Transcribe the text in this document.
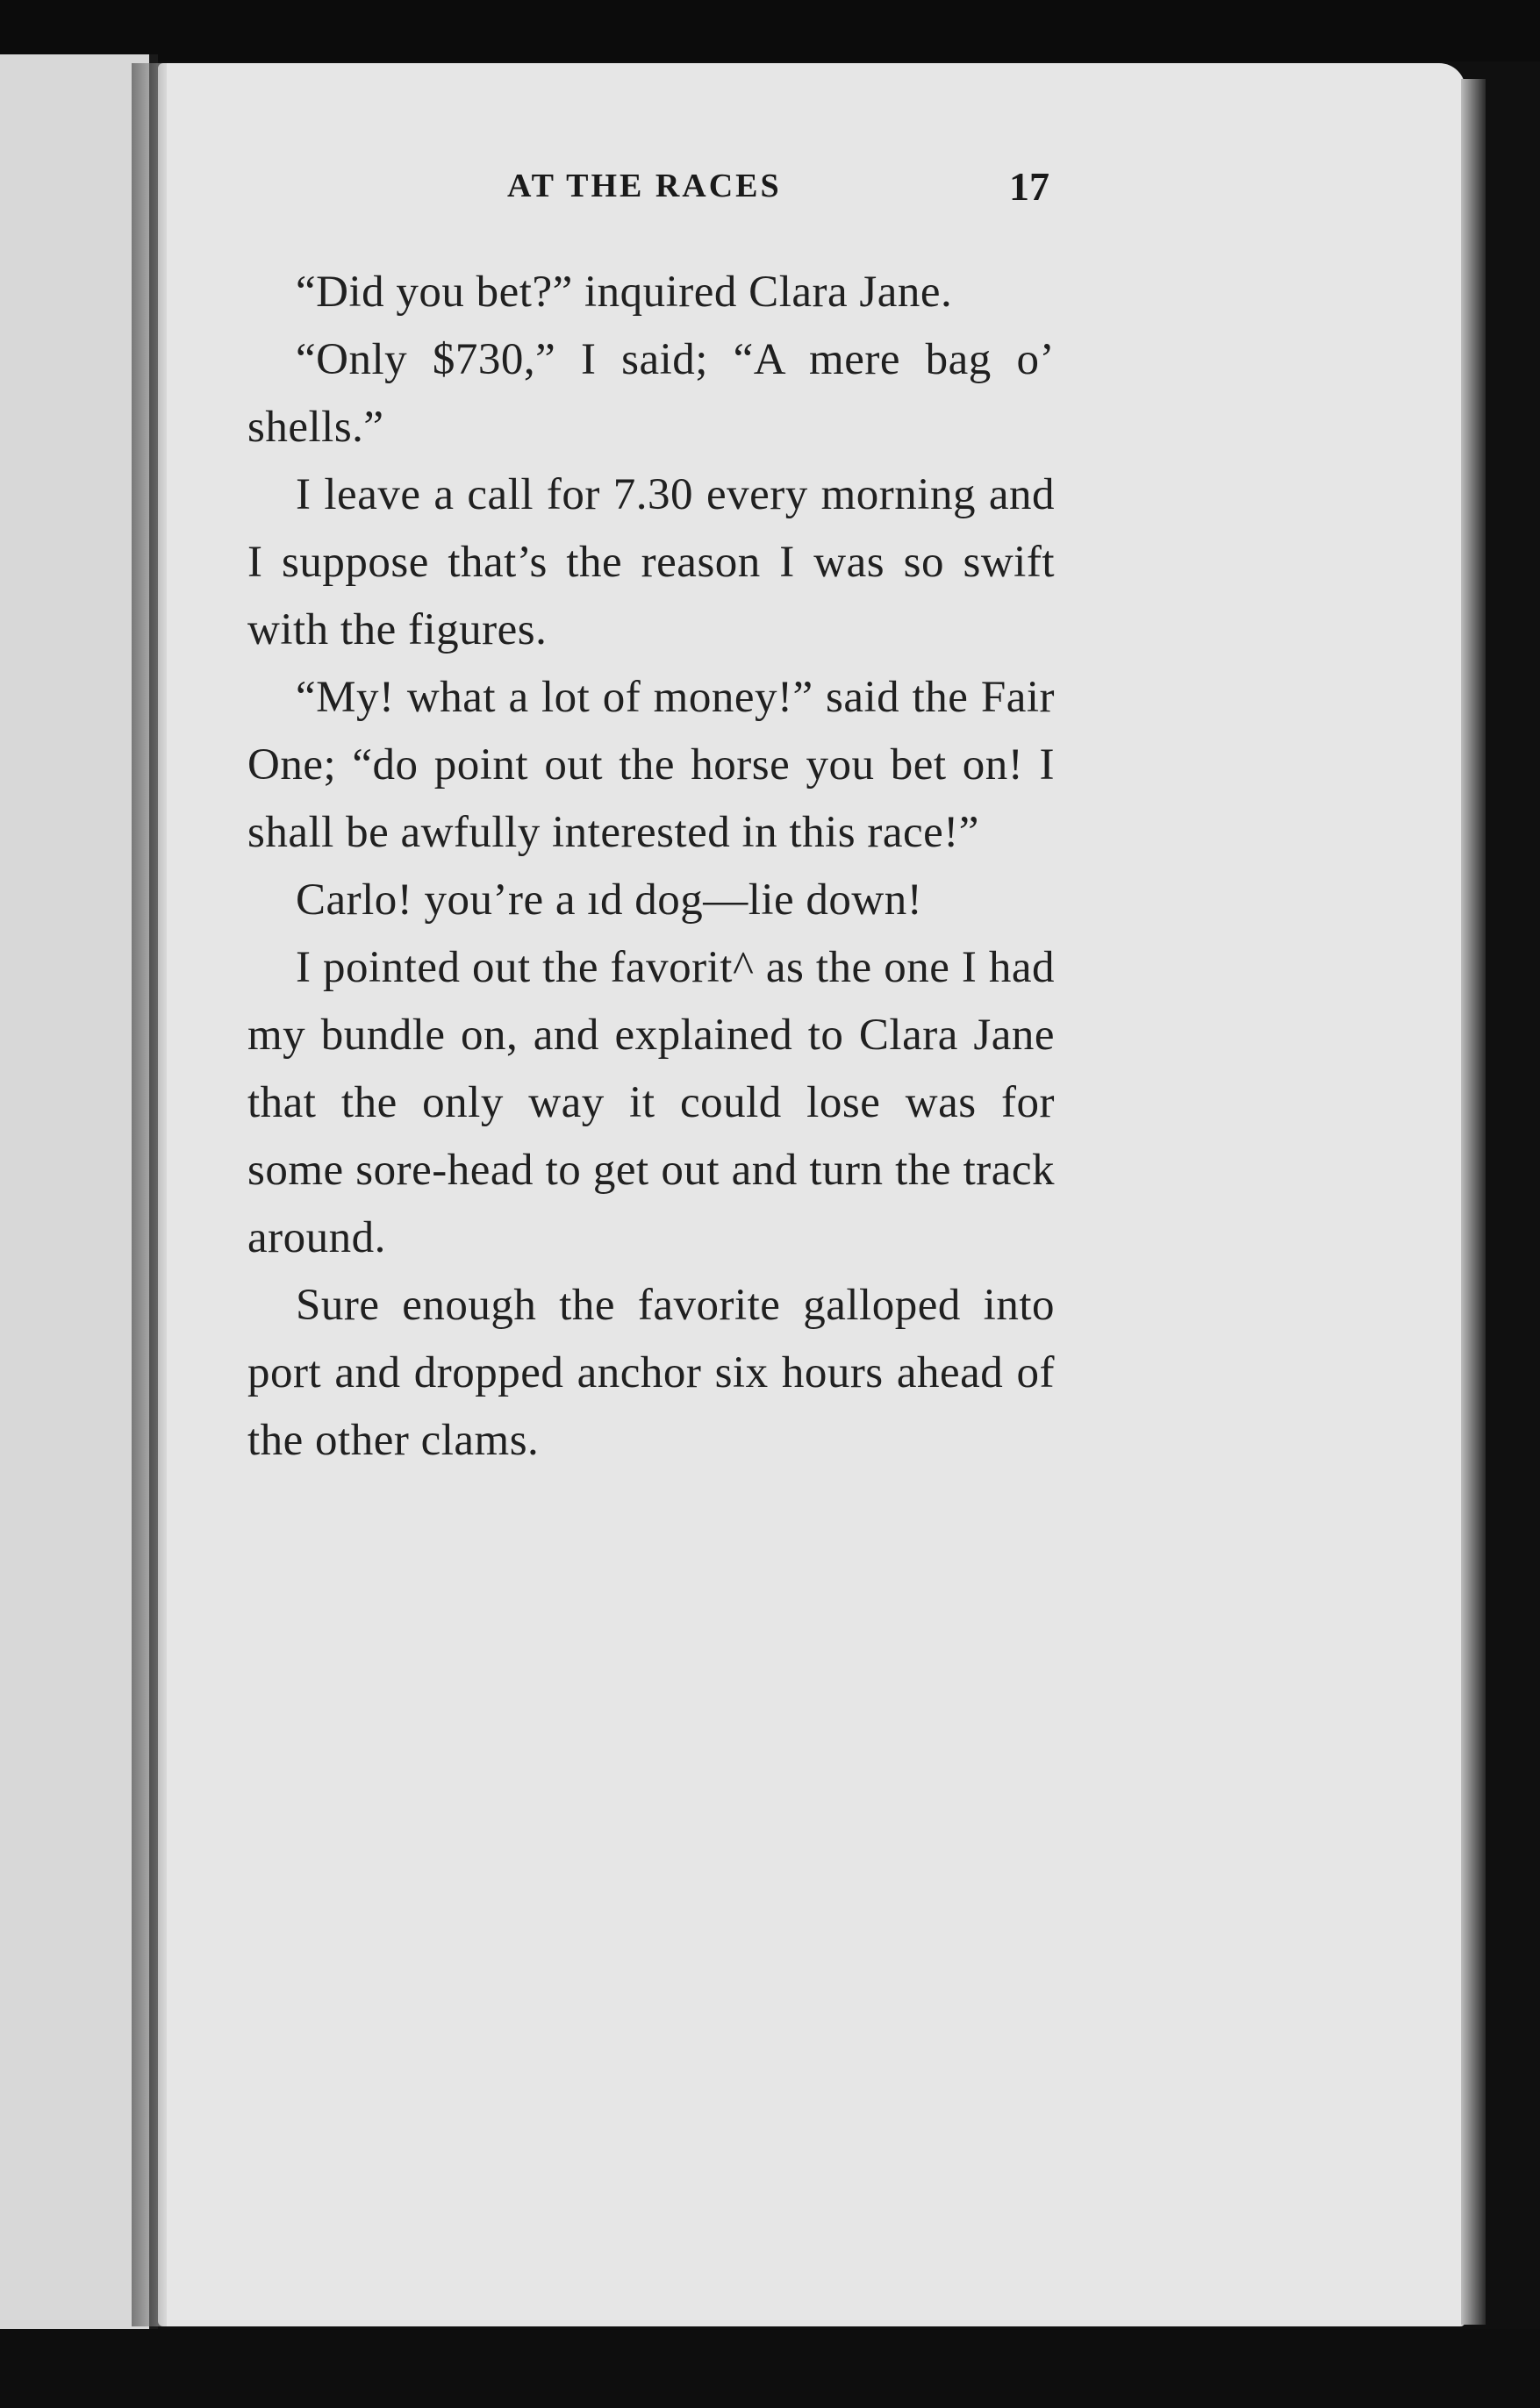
AT THE RACES	17

“Did you bet?” inquired Clara Jane.

“Only $730,” I said; “A mere bag o’ shells.”

I leave a call for 7.30 every morning and I suppose that’s the reason I was so swift with the figures.

“My! what a lot of money!” said the Fair One; “do point out the horse you bet on! I shall be awfully interested in this race!”

Carlo! you’re a ıd dog—lie down!

I pointed out the favorit^ as the one I had my bundle on, and explained to Clara Jane that the only way it could lose was for some sore-head to get out and turn the track around.

Sure enough the favorite galloped into port and dropped anchor six hours ahead of the other clams.
